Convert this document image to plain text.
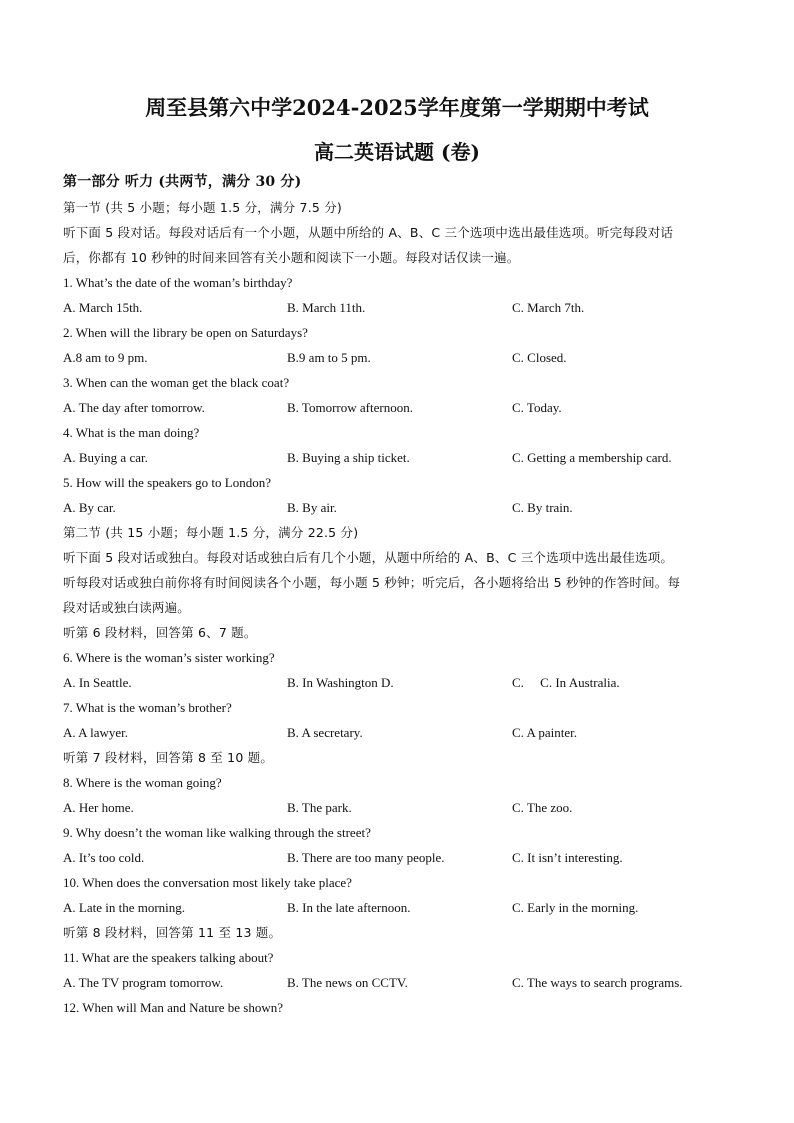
周至县第六中学2024-2025学年度第一学期期中考试
高二英语试题 (卷)
第一部分 听力 (共两节，满分 30 分)
第一节 (共 5 小题；每小题 1.5 分，满分 7.5 分)
听下面 5 段对话。每段对话后有一个小题，从题中所给的 A、B、C 三个选项中选出最佳选项。听完每段对话
后，你都有 10 秒钟的时间来回答有关小题和阅读下一小题。每段对话仅读一遍。
1. What’s the date of the woman’s birthday?
A. March 15th.	B. March 11th.	C. March 7th.
2. When will the library be open on Saturdays?
A.8 am to 9 pm.	B.9 am to 5 pm.	C. Closed.
3. When can the woman get the black coat?
A. The day after tomorrow.	B. Tomorrow afternoon.	C. Today.
4. What is the man doing?
A. Buying a car.	B. Buying a ship ticket.	C. Getting a membership card.
5. How will the speakers go to London?
A. By car.	B. By air.	C. By train.
第二节 (共 15 小题；每小题 1.5 分，满分 22.5 分)
听下面 5 段对话或独白。每段对话或独白后有几个小题，从题中所给的 A、B、C 三个选项中选出最佳选项。
听每段对话或独白前你将有时间阅读各个小题，每小题 5 秒钟；听完后，各小题将给出 5 秒钟的作答时间。每
段对话或独白读两遍。
听第 6 段材料，回答第 6、7 题。
6. Where is the woman’s sister working?
A. In Seattle.	B. In Washington D.	C.     C. In Australia.
7. What is the woman’s brother?
A. A lawyer.	B. A secretary.	C. A painter.
听第 7 段材料，回答第 8 至 10 题。
8. Where is the woman going?
A. Her home.	B. The park.	C. The zoo.
9. Why doesn’t the woman like walking through the street?
A. It’s too cold.	B. There are too many people.	C. It isn’t interesting.
10. When does the conversation most likely take place?
A. Late in the morning.	B. In the late afternoon.	C. Early in the morning.
听第 8 段材料，回答第 11 至 13 题。
11. What are the speakers talking about?
A. The TV program tomorrow.	B. The news on CCTV.	C. The ways to search programs.
12. When will Man and Nature be shown?
